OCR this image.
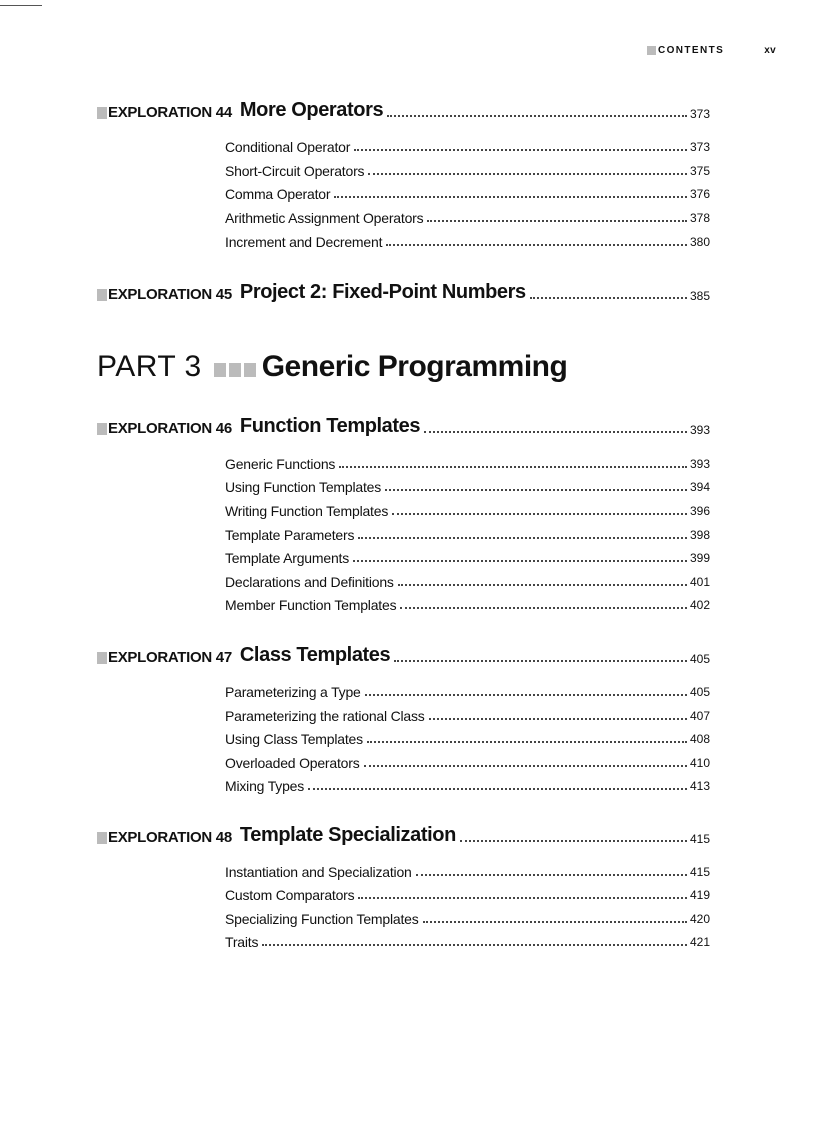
CONTENTS	xv
EXPLORATION 44 More Operators	373
Conditional Operator	373
Short-Circuit Operators	375
Comma Operator	376
Arithmetic Assignment Operators	378
Increment and Decrement	380
EXPLORATION 45 Project 2: Fixed-Point Numbers	385
PART 3 Generic Programming
EXPLORATION 46 Function Templates	393
Generic Functions	393
Using Function Templates	394
Writing Function Templates	396
Template Parameters	398
Template Arguments	399
Declarations and Definitions	401
Member Function Templates	402
EXPLORATION 47 Class Templates	405
Parameterizing a Type	405
Parameterizing the rational Class	407
Using Class Templates	408
Overloaded Operators	410
Mixing Types	413
EXPLORATION 48 Template Specialization	415
Instantiation and Specialization	415
Custom Comparators	419
Specializing Function Templates	420
Traits	421
